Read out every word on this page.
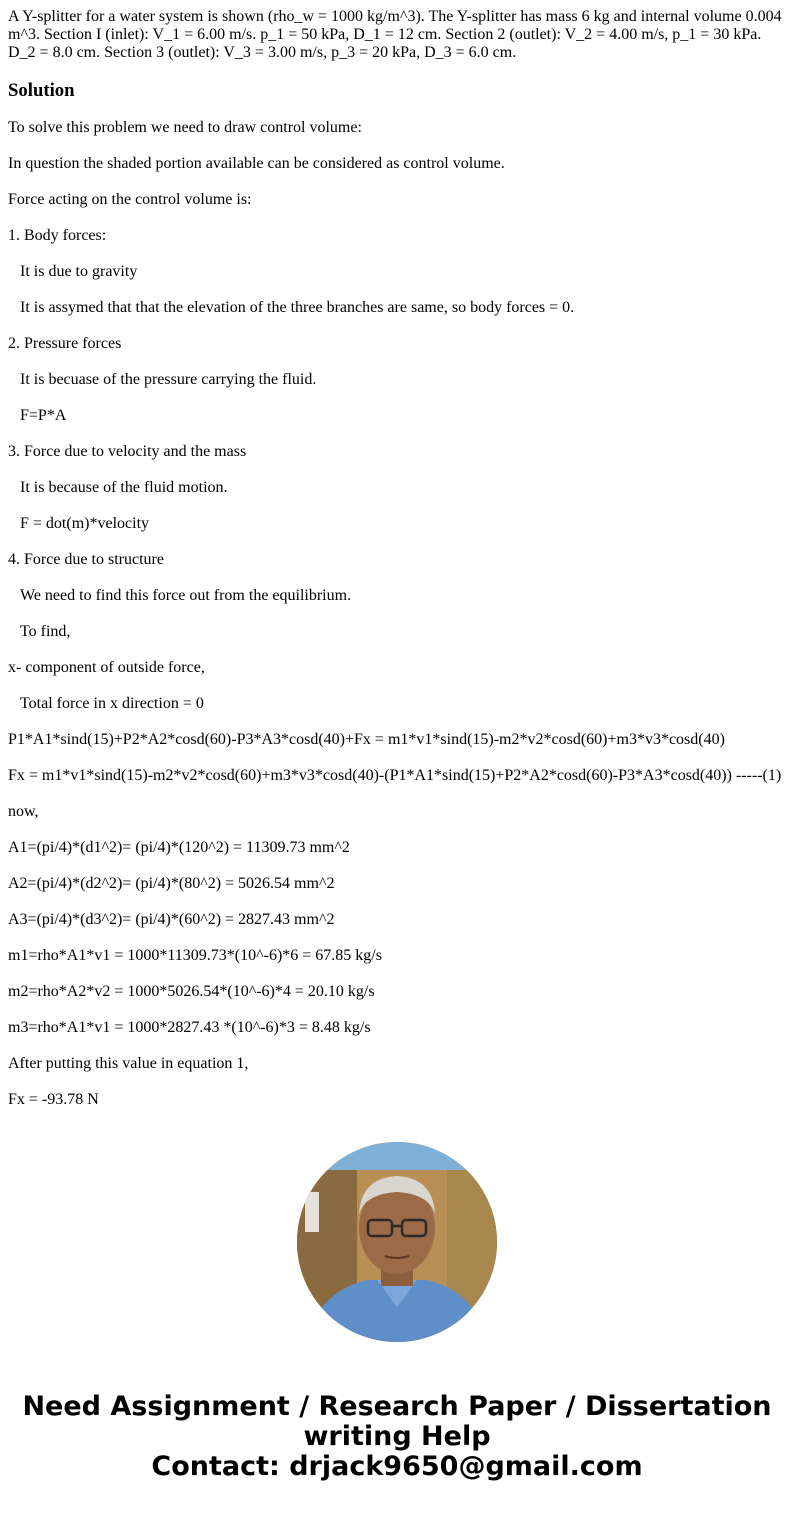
A Y-splitter for a water system is shown (rho_w = 1000 kg/m^3). The Y-splitter has mass 6 kg and internal volume 0.004 m^3. Section I (inlet): V_1 = 6.00 m/s. p_1 = 50 kPa, D_1 = 12 cm. Section 2 (outlet): V_2 = 4.00 m/s, p_1 = 30 kPa. D_2 = 8.0 cm. Section 3 (outlet): V_3 = 3.00 m/s, p_3 = 20 kPa, D_3 = 6.0 cm.
Solution
To solve this problem we need to draw control volume:
In question the shaded portion available can be considered as control volume.
Force acting on the control volume is:
1. Body forces:
It is due to gravity
It is assymed that that the elevation of the three branches are same, so body forces = 0.
2. Pressure forces
It is becuase of the pressure carrying the fluid.
F=P*A
3. Force due to velocity and the mass
It is because of the fluid motion.
F = dot(m)*velocity
4. Force due to structure
We need to find this force out from the equilibrium.
To find,
x- component of outside force,
Total force in x direction = 0
P1*A1*sind(15)+P2*A2*cosd(60)-P3*A3*cosd(40)+Fx = m1*v1*sind(15)-m2*v2*cosd(60)+m3*v3*cosd(40)
Fx = m1*v1*sind(15)-m2*v2*cosd(60)+m3*v3*cosd(40)-(P1*A1*sind(15)+P2*A2*cosd(60)-P3*A3*cosd(40)) -----(1)
now,
A1=(pi/4)*(d1^2)= (pi/4)*(120^2) = 11309.73 mm^2
A2=(pi/4)*(d2^2)= (pi/4)*(80^2) = 5026.54 mm^2
A3=(pi/4)*(d3^2)= (pi/4)*(60^2) = 2827.43 mm^2
m1=rho*A1*v1 = 1000*11309.73*(10^-6)*6 = 67.85 kg/s
m2=rho*A2*v2 = 1000*5026.54*(10^-6)*4 = 20.10 kg/s
m3=rho*A1*v1 = 1000*2827.43 *(10^-6)*3 = 8.48 kg/s
After putting this value in equation 1,
Fx = -93.78 N
Need Assignment / Research Paper / Dissertation
writing Help
Contact: drjack9650@gmail.com
